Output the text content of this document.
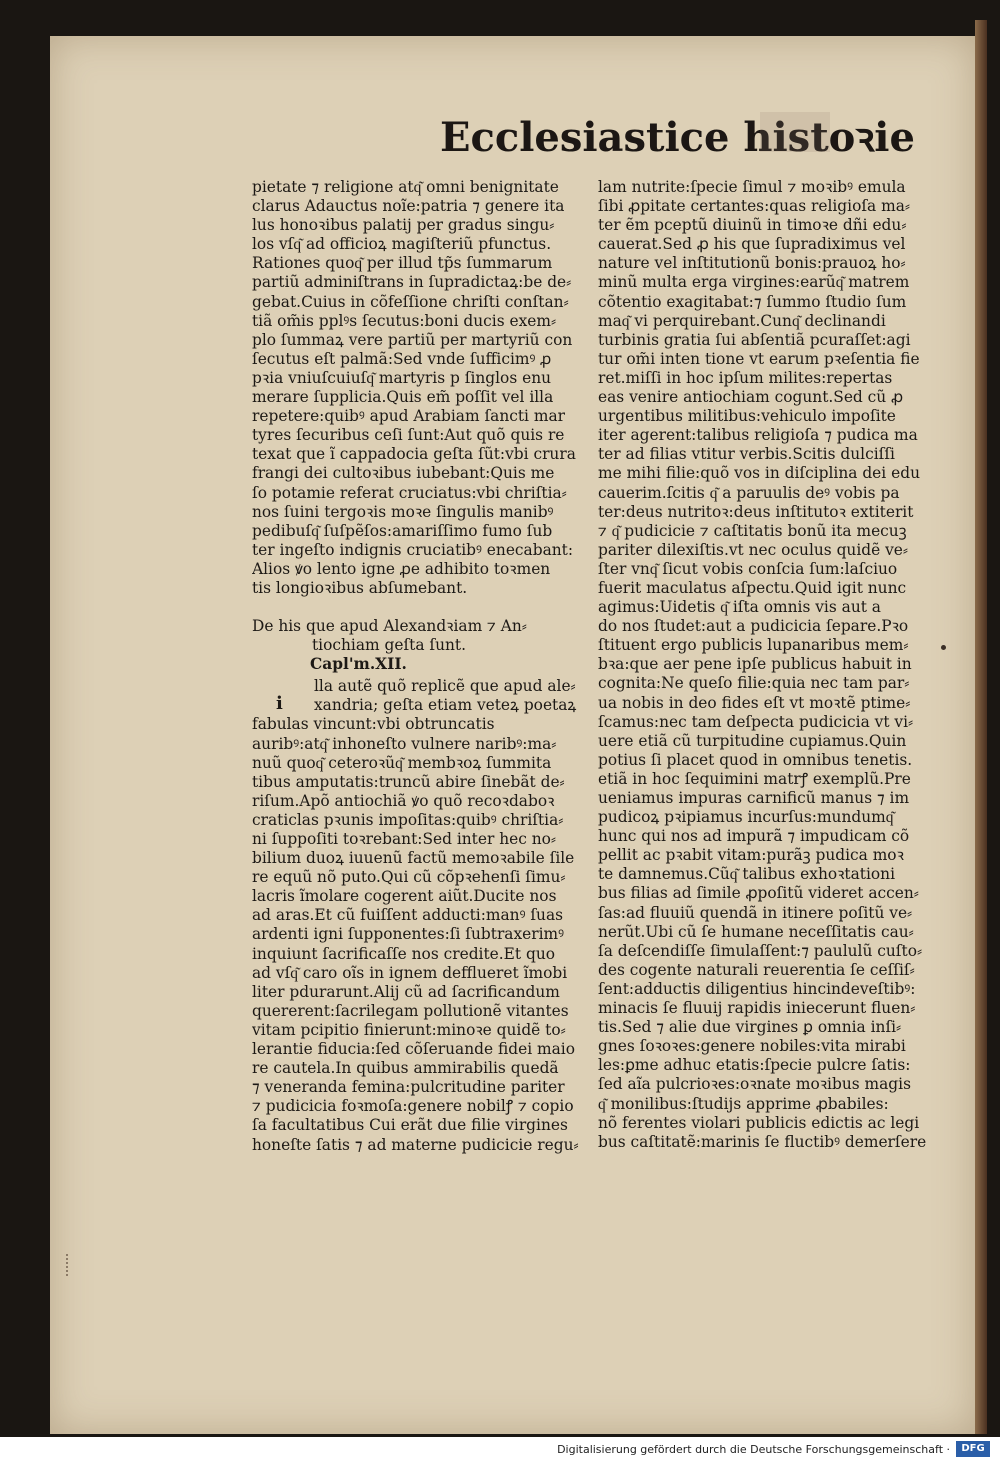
Ecclesiastice histoꝛie
pietate ⁊ religione atq͂ omni benignitate
clarus Adauctus noĩe:patria ⁊ genere ita
lus honoꝛibus palatij per gradus singu⸗
los vſq͂ ad officioꝝ magiſteriũ pfunctus.
Rationes quoq͂ per illud tp̃s ſummarum
partiũ adminiſtrans in ſupradictaꝝ:be de⸗
gebat.Cuius in cõfeſſione chriſti conſtan⸗
tiã om̃is pplꝰs ſecutus:boni ducis exem⸗
plo ſummaꝝ vere partiũ per martyriũ con
ſecutus eſt palmã:Sed vnde ſufficimꝰ ꝓ
pꝛia vniuſcuiuſq͂ martyris p ſinglos enu
merare ſupplicia.Quis em̃ poſſit vel illa
repetere:quibꝰ apud Arabiam ſancti mar
tyres ſecuribus ceſi ſunt:Aut quõ quis re
texat que ĩ cappadocia geſta ſũt:vbi crura
frangi dei cultoꝛibus iubebant:Quis me
ſo potamie referat cruciatus:vbi chriſtia⸗
nos ſuini tergoꝛis moꝛe ſingulis manibꝰ
pedibuſq͂ ſuſpẽſos:amariſſimo fumo ſub
ter ingeſto indignis cruciatibꝰ enecabant:
Alios ꝟo lento igne ꝓe adhibito toꝛmen
tis longioꝛibus abſumebant.
De his que apud Alexandꝛiam ⁊ An⸗
tiochiam geſta ſunt.
Capl'm.XII.
i
lla autẽ quõ replicẽ que apud ale⸗
xandria; geſta etiam veteꝝ poetaꝝ
fabulas vincunt:vbi obtruncatis
auribꝰ:atq͂ inhoneſto vulnere naribꝰ:ma⸗
nuũ quoq͂ ceteroꝛũq͂ membꝛoꝝ ſummita
tibus amputatis:truncũ abire ſinebãt de⸗
riſum.Apõ antiochiã ꝟo quõ recoꝛdaboꝛ
craticlas pꝛunis impoſitas:quibꝰ chriſtia⸗
ni ſuppoſiti toꝛrebant:Sed inter hec no⸗
bilium duoꝝ iuuenũ factũ memoꝛabile ſile
re equũ nõ puto.Qui cũ cõpꝛehenſi ſimu⸗
lacris ĩmolare cogerent aiũt.Ducite nos
ad aras.Et cũ fuiſſent adducti:manꝰ ſuas
ardenti igni ſupponentes:ſi ſubtraxerimꝰ
inquiunt ſacrificaſſe nos credite.Et quo
ad vſq͂ caro oĩs in ignem defflueret ĩmobi
liter pdurarunt.Alij cũ ad ſacrificandum
quererent:ſacrilegam pollutionẽ vitantes
vitam pcipitio finierunt:minoꝛe quidẽ to⸗
lerantie fiducia:ſed cõſeruande fidei maio
re cautela.In quibus ammirabilis quedã
⁊ veneranda femina:pulcritudine pariter
⁊ pudicicia foꝛmoſa:genere nobilꝭ ⁊ copio
ſa facultatibus Cui erãt due filie virgines
honeſte ſatis ⁊ ad materne pudicicie regu⸗
lam nutrite:ſpecie ſimul ⁊ moꝛibꝰ emula
ſibi ꝓpitate certantes:quas religioſa ma⸗
ter ẽm pceptũ diuinũ in timoꝛe dñi edu⸗
cauerat.Sed ꝓ his que ſupradiximus vel
nature vel inſtitutionũ bonis:prauoꝝ ho⸗
minũ multa erga virgines:earũq͂ matrem
cõtentio exagitabat:⁊ ſummo ſtudio ſum
maq͂ vi perquirebant.Cunq͂ declinandi
turbinis gratia ſui abſentiã pcuraſſet:agi
tur om̃i inten tione vt earum pꝛeſentia fie
ret.miſſi in hoc ipſum milites:repertas
eas venire antiochiam cogunt.Sed cũ ꝓ
urgentibus militibus:vehiculo impoſite
iter agerent:talibus religioſa ⁊ pudica ma
ter ad filias vtitur verbis.Scitis dulciſſi
me mihi filie:quõ vos in diſciplina dei edu
cauerim.ſcitis q͂ a paruulis deꝰ vobis pa
ter:deus nutritoꝛ:deus inſtitutoꝛ extiterit
⁊ q͂ pudicicie ⁊ caſtitatis bonũ ita mecuꝫ
pariter dilexiſtis.vt nec oculus quidẽ ve⸗
ſter vnq͂ ſicut vobis conſcia ſum:laſciuo
fuerit maculatus aſpectu.Quid igit nunc
agimus:Uidetis q͂ iſta omnis vis aut a
do nos ſtudet:aut a pudicicia ſepare.Pꝛo
ſtituent ergo publicis lupanaribus mem⸗
bꝛa:que aer pene ipſe publicus habuit in
cognita:Ne queſo filie:quia nec tam par⸗
ua nobis in deo fides eſt vt moꝛtẽ ptime⸗
ſcamus:nec tam deſpecta pudicicia vt vi⸗
uere etiã cũ turpitudine cupiamus.Quin
potius ſi placet quod in omnibus tenetis.
etiã in hoc ſequimini matrꝭ exemplũ.Pre
ueniamus impuras carnificũ manus ⁊ im
pudicoꝝ pꝛipiamus incurſus:mundumq͂
hunc qui nos ad impurã ⁊ impudicam cõ
pellit ac pꝛabit vitam:purãꝫ pudica moꝛ
te damnemus.Cũq͂ talibus exhoꝛtationi
bus filias ad ſimile ꝓpoſitũ videret accen⸗
ſas:ad fluuiũ quendã in itinere poſitũ ve⸗
nerũt.Ubi cũ ſe humane neceſſitatis cau⸗
ſa deſcendiſſe ſimulaſſent:⁊ paululũ cuſto⸗
des cogente naturali reuerentia ſe ceſſiſ⸗
ſent:adductis diligentius hincindeveſtibꝰ:
minacis ſe fluuij rapidis iniecerunt fluen⸗
tis.Sed ⁊ alie due virgines ꝑ omnia inſi⸗
gnes ſoꝛoꝛes:genere nobiles:vita mirabi
les:ꝑme adhuc etatis:ſpecie pulcre ſatis:
ſed aĩa pulcrioꝛes:oꝛnate moꝛibus magis
q͂ monilibus:ſtudijs apprime ꝓbabiles:
nõ ferentes violari publicis edictis ac legi
bus caſtitatẽ:marinis ſe fluctibꝰ demerſere
Digitalisierung gefördert durch die Deutsche Forschungsgemeinschaft ·	DFG
